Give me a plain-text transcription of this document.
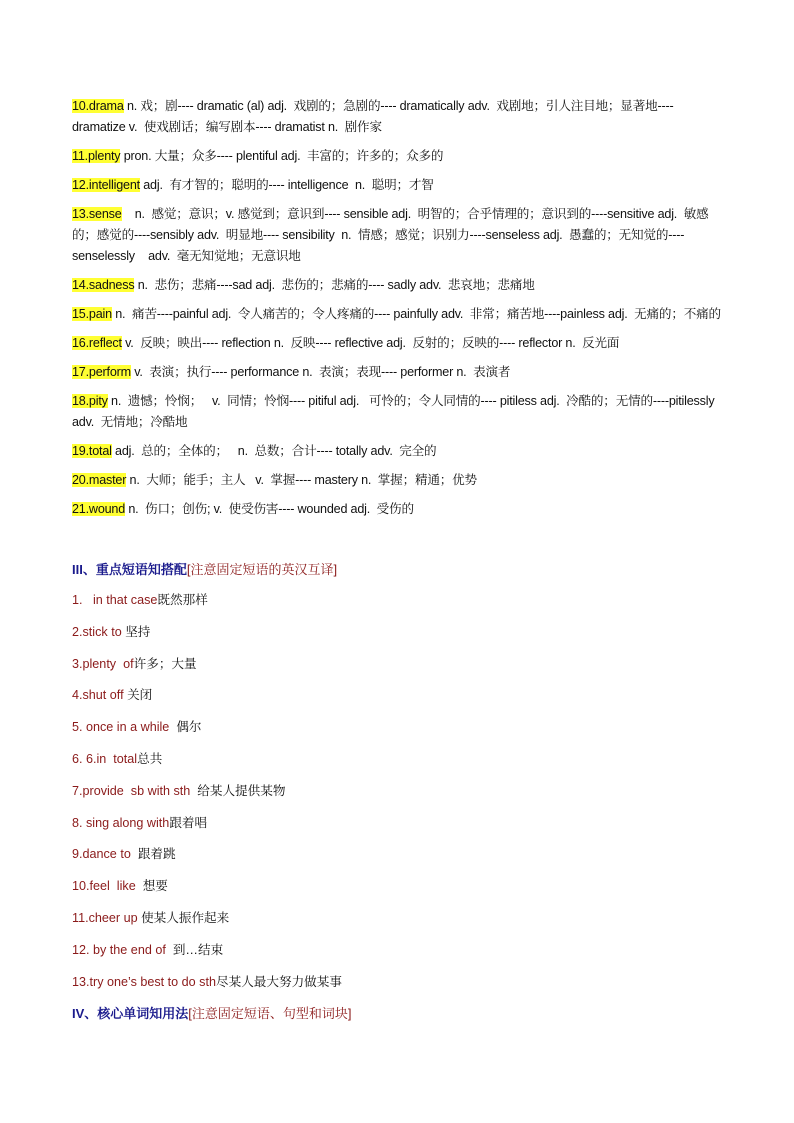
10.drama n. 戏；剧---- dramatic (al) adj.  戏剧的；急剧的---- dramatically adv.  戏剧地；引人注目地；显著地----dramatize v.  使戏剧话；编写剧本---- dramatist n.  剧作家
11.plenty pron. 大量；众多---- plentiful adj.  丰富的；许多的；众多的
12.intelligent adj.  有才智的；聪明的---- intelligence  n.  聪明；才智
13.sense    n.  感觉；意识；v. 感觉到；意识到---- sensible adj.  明智的；合乎情理的；意识到的----sensitive adj.  敏感的；感觉的----sensibly adv.  明显地---- sensibility  n.  情感；感觉；识别力----senseless adj.  愚蠢的；无知觉的---- senselessly    adv.  毫无知觉地；无意识地
14.sadness n.  悲伤；悲痛----sad adj.  悲伤的；悲痛的---- sadly adv.  悲哀地；悲痛地
15.pain n.  痛苦----painful adj.  令人痛苦的；令人疼痛的---- painfully adv.  非常；痛苦地----painless adj.  无痛的；不痛的
16.reflect v.  反映；映出---- reflection n.  反映---- reflective adj.  反射的；反映的---- reflector n.  反光面
17.perform v.  表演；执行---- performance n.  表演；表现---- performer n.  表演者
18.pity n.  遗憾；怜悯；   v.  同情；怜悯---- pitiful adj.   可怜的；令人同情的---- pitiless adj.  冷酷的；无情的----pitilessly  adv.  无情地；冷酷地
19.total adj.  总的；全体的；   n.  总数；合计---- totally adv.  完全的
20.master n.  大师；能手；主人   v.  掌握---- mastery n.  掌握；精通；优势
21.wound n.  伤口；创伤; v.  使受伤害---- wounded adj.  受伤的
III、重点短语知搭配[注意固定短语的英汉互译]
1.   in that case既然那样
2.stick to 坚持
3.plenty  of许多；大量
4.shut off 关闭
5. once in a while  偶尔
6. 6.in  total总共
7.provide  sb with sth  给某人提供某物
8. sing along with跟着唱
9.dance to  跟着跳
10.feel  like  想要
11.cheer up 使某人振作起来
12. by the end of  到…结束
13.try one’s best to do sth尽某人最大努力做某事
IV、核心单词知用法[注意固定短语、句型和词块]
